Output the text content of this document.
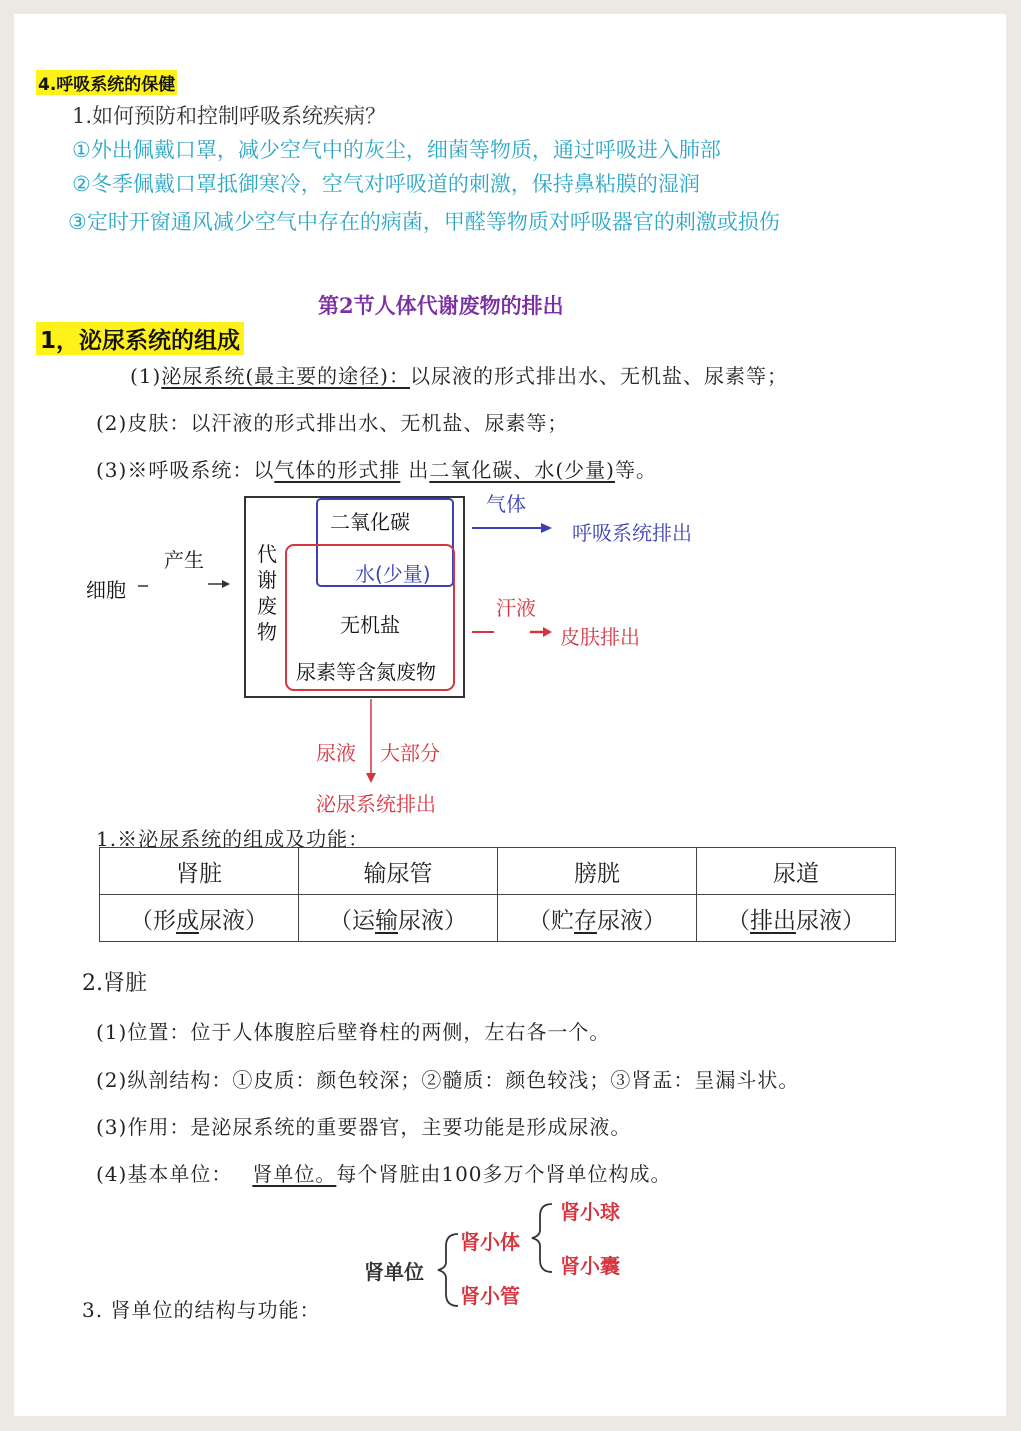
4.呼吸系统的保健
1.如何预防和控制呼吸系统疾病？
①外出佩戴口罩，减少空气中的灰尘，细菌等物质，通过呼吸进入肺部
②冬季佩戴口罩抵御寒冷，空气对呼吸道的刺激，保持鼻粘膜的湿润
③定时开窗通风减少空气中存在的病菌，甲醛等物质对呼吸器官的刺激或损伤
第2节人体代谢废物的排出
1，泌尿系统的组成
(1)泌尿系统(最主要的途径)：以尿液的形式排出水、无机盐、尿素等；
(2)皮肤：以汗液的形式排出水、无机盐、尿素等；
(3)※呼吸系统：以气体的形式排 出二氧化碳、水(少量)等。
细胞
产生	代
谢
废
物
二氧化碳
水(少量)
无机盐
尿素等含氮废物
气体
呼吸系统排出
汗液
皮肤排出
尿液 大部分
泌尿系统排出
1.※泌尿系统的组成及功能：
肾脏	输尿管	膀胱	尿道
（形成尿液）	（运输尿液）	（贮存尿液）	（排出尿液）
2.肾脏
(1)位置：位于人体腹腔后壁脊柱的两侧，左右各一个。
(2)纵剖结构：①皮质：颜色较深；②髓质：颜色较浅；③肾盂：呈漏斗状。
(3)作用：是泌尿系统的重要器官，主要功能是形成尿液。
(4)基本单位： 肾单位。每个肾脏由100多万个肾单位构成。
肾单位
肾小体
肾小管
肾小球
肾小囊
3. 肾单位的结构与功能：
